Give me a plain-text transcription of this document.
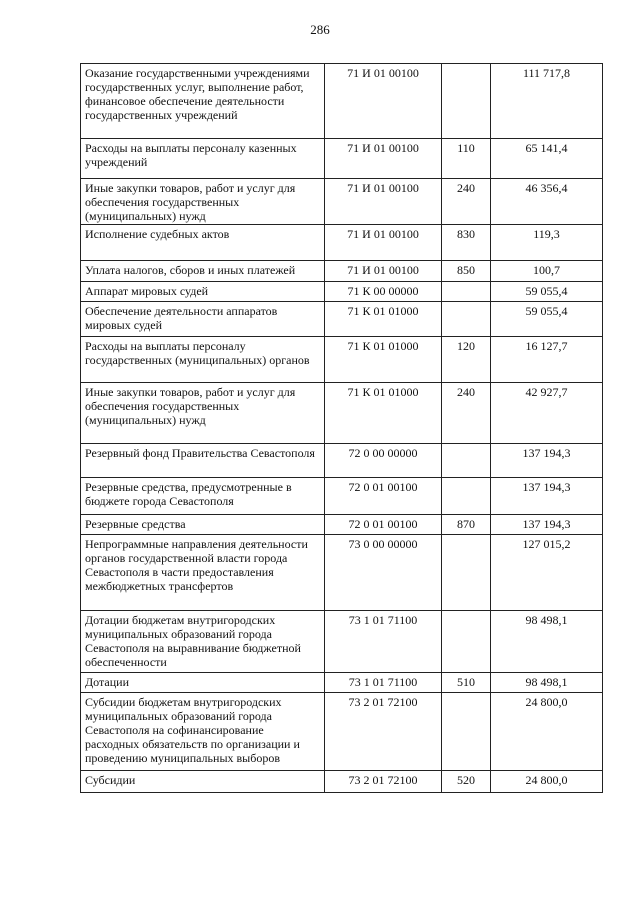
286
Оказание государственными учреждениями государственных услуг, выполнение работ, финансовое обеспечение деятельности государственных учреждений	71 И 01 00100		111 717,8
Расходы на выплаты персоналу казенных учреждений	71 И 01 00100	110	65 141,4
Иные закупки товаров, работ и услуг для обеспечения государственных (муниципальных) нужд	71 И 01 00100	240	46 356,4
Исполнение судебных актов	71 И 01 00100	830	119,3
Уплата налогов, сборов и иных платежей	71 И 01 00100	850	100,7
Аппарат мировых судей	71 К 00 00000		59 055,4
Обеспечение деятельности аппаратов мировых судей	71 К 01 01000		59 055,4
Расходы на выплаты персоналу государственных (муниципальных) органов	71 К 01 01000	120	16 127,7
Иные закупки товаров, работ и услуг для обеспечения государственных (муниципальных) нужд	71 К 01 01000	240	42 927,7
Резервный фонд Правительства Севастополя	72 0 00 00000		137 194,3
Резервные средства, предусмотренные в бюджете города Севастополя	72 0 01 00100		137 194,3
Резервные средства	72 0 01 00100	870	137 194,3
Непрограммные направления деятельности органов государственной власти города Севастополя в части предоставления межбюджетных трансфертов	73 0 00 00000		127 015,2
Дотации бюджетам внутригородских муниципальных образований города Севастополя на выравнивание бюджетной обеспеченности	73 1 01 71100		98 498,1
Дотации	73 1 01 71100	510	98 498,1
Субсидии бюджетам внутригородских муниципальных образований города Севастополя на софинансирование расходных обязательств по организации и проведению муниципальных выборов	73 2 01 72100		24 800,0
Субсидии	73 2 01 72100	520	24 800,0
